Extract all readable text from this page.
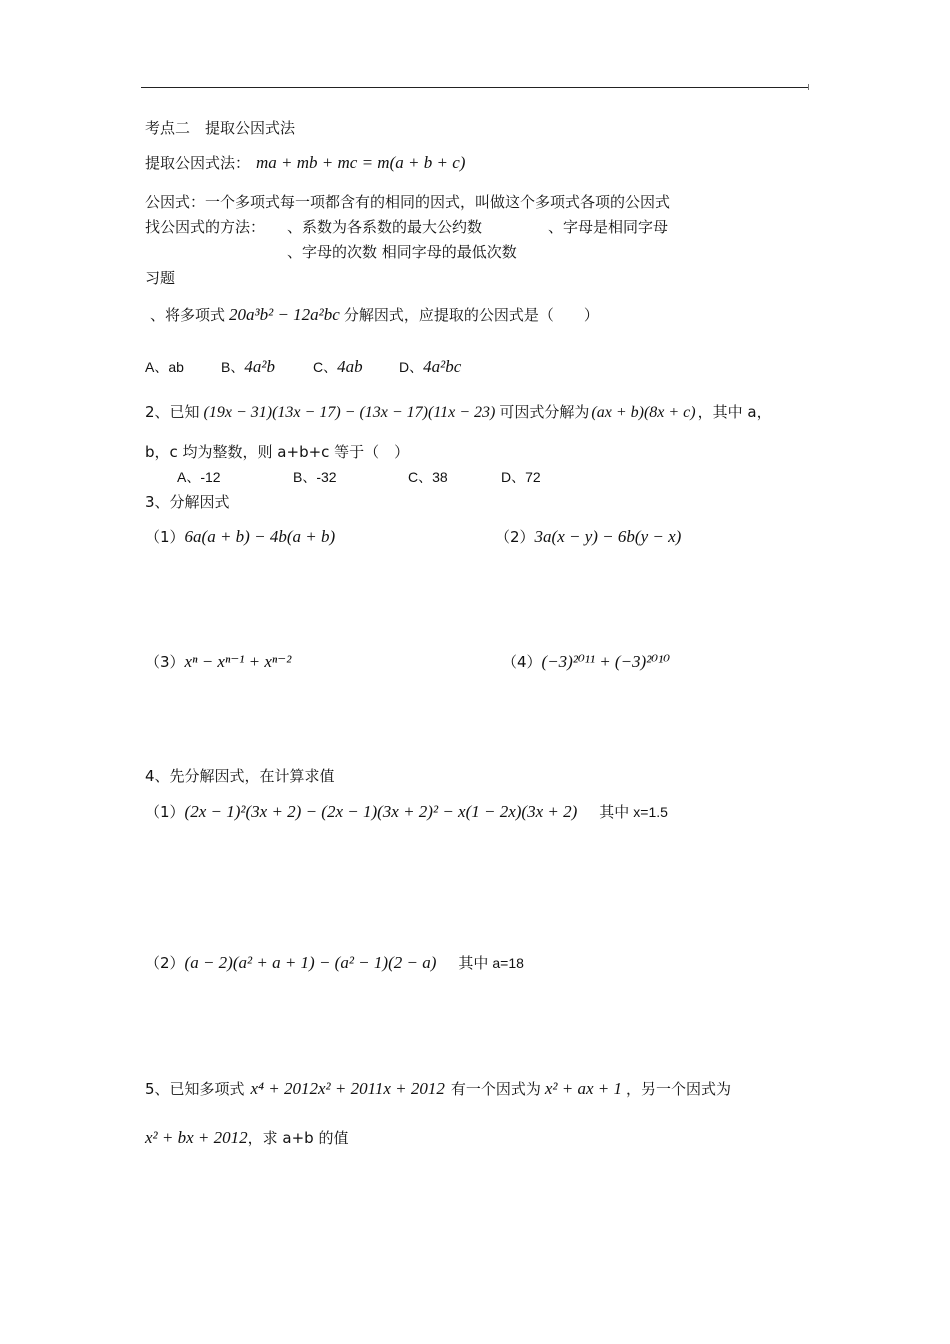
考点二　提取公因式法
提取公因式法： ma + mb + mc = m(a + b + c)
公因式：一个多项式每一项都含有的相同的因式，叫做这个多项式各项的公因式
找公因式的方法： 、系数为各系数的最大公约数	、字母是相同字母
、字母的次数 相同字母的最低次数
习题
、将多项式 20a³b² − 12a²bc 分解因式，应提取的公因式是（　　）
A、ab	B、4a²b	C、4ab	D、4a²bc
2、已知 (19x − 31)(13x − 17) − (13x − 17)(11x − 23) 可因式分解为 (ax + b)(8x + c) ，其中 a，
b，c 均为整数，则 a+b+c 等于（　）
A、-12	B、-32	C、38	D、72
3、分解因式
（1）6a(a + b) − 4b(a + b)	（2）3a(x − y) − 6b(y − x)
（3）xⁿ − xⁿ⁻¹ + xⁿ⁻²	（4）(−3)²⁰¹¹ + (−3)²⁰¹⁰
4、先分解因式，在计算求值
（1）(2x − 1)²(3x + 2) − (2x − 1)(3x + 2)² − x(1 − 2x)(3x + 2) 其中 x=1.5
（2）(a − 2)(a² + a + 1) − (a² − 1)(2 − a) 其中 a=18
5、已知多项式 x⁴ + 2012x² + 2011x + 2012 有一个因式为 x² + ax + 1 ，另一个因式为
x² + bx + 2012，求 a+b 的值
